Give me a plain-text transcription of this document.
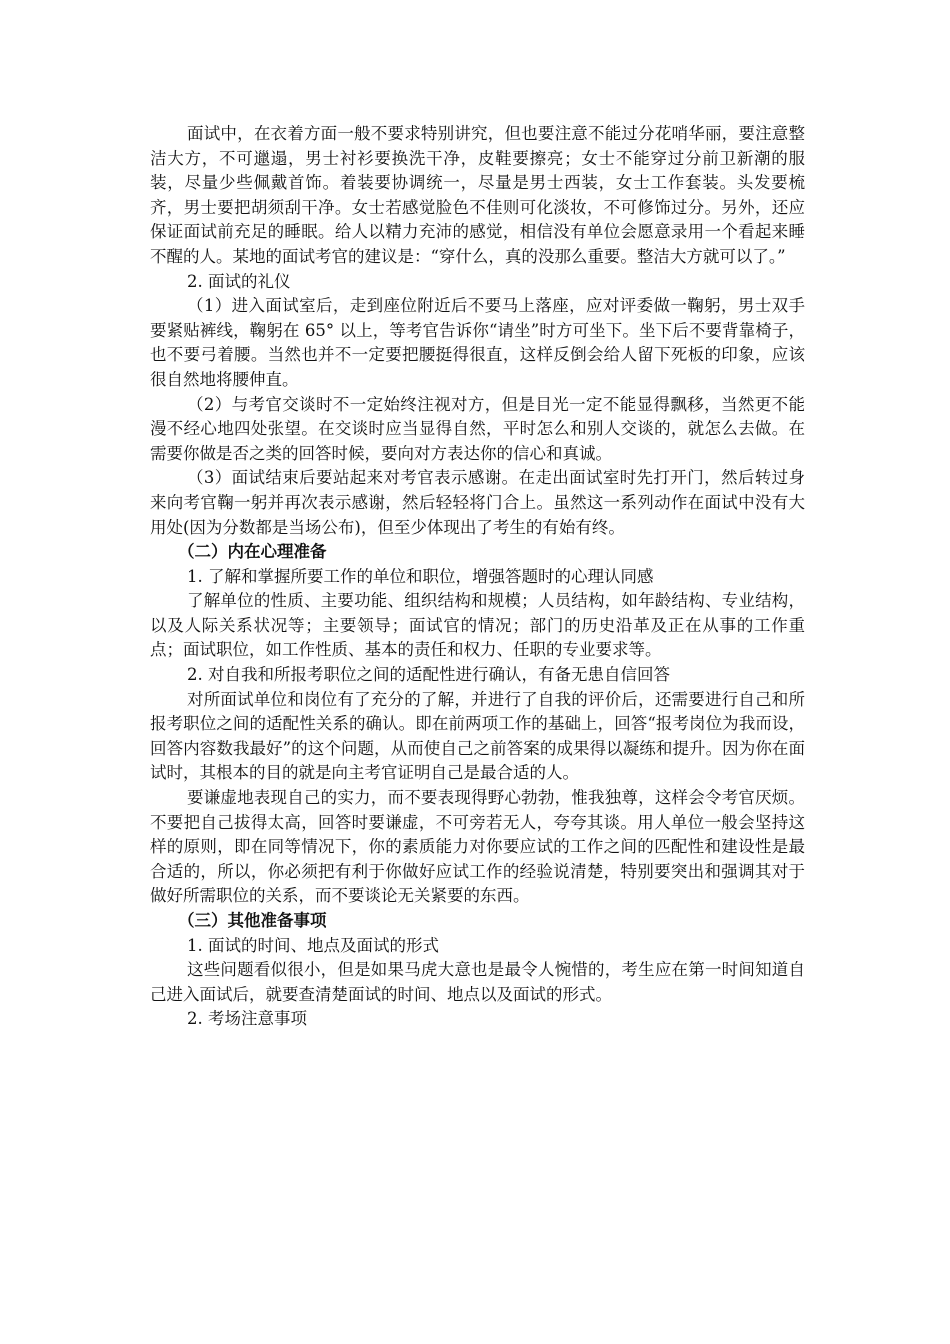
面试中，在衣着方面一般不要求特别讲究，但也要注意不能过分花哨华丽，要注意整洁大方，不可邋遢，男士衬衫要换洗干净，皮鞋要擦亮；女士不能穿过分前卫新潮的服装，尽量少些佩戴首饰。着装要协调统一，尽量是男士西装，女士工作套装。头发要梳齐，男士要把胡须刮干净。女士若感觉脸色不佳则可化淡妆，不可修饰过分。另外，还应保证面试前充足的睡眠。给人以精力充沛的感觉，相信没有单位会愿意录用一个看起来睡不醒的人。某地的面试考官的建议是：“穿什么，真的没那么重要。整洁大方就可以了。”

2. 面试的礼仪

（1）进入面试室后，走到座位附近后不要马上落座，应对评委做一鞠躬，男士双手要紧贴裤线，鞠躬在 65° 以上，等考官告诉你“请坐”时方可坐下。坐下后不要背靠椅子，也不要弓着腰。当然也并不一定要把腰挺得很直，这样反倒会给人留下死板的印象，应该很自然地将腰伸直。

（2）与考官交谈时不一定始终注视对方，但是目光一定不能显得飘移，当然更不能漫不经心地四处张望。在交谈时应当显得自然，平时怎么和别人交谈的，就怎么去做。在需要你做是否之类的回答时候，要向对方表达你的信心和真诚。

（3）面试结束后要站起来对考官表示感谢。在走出面试室时先打开门，然后转过身来向考官鞠一躬并再次表示感谢，然后轻轻将门合上。虽然这一系列动作在面试中没有大用处(因为分数都是当场公布)，但至少体现出了考生的有始有终。

（二）内在心理准备

1. 了解和掌握所要工作的单位和职位，增强答题时的心理认同感

了解单位的性质、主要功能、组织结构和规模；人员结构，如年龄结构、专业结构，以及人际关系状况等；主要领导；面试官的情况；部门的历史沿革及正在从事的工作重点；面试职位，如工作性质、基本的责任和权力、任职的专业要求等。

2. 对自我和所报考职位之间的适配性进行确认，有备无患自信回答

对所面试单位和岗位有了充分的了解，并进行了自我的评价后，还需要进行自己和所报考职位之间的适配性关系的确认。即在前两项工作的基础上，回答“报考岗位为我而设，回答内容数我最好”的这个问题，从而使自己之前答案的成果得以凝练和提升。因为你在面试时，其根本的目的就是向主考官证明自己是最合适的人。

要谦虚地表现自己的实力，而不要表现得野心勃勃，惟我独尊，这样会令考官厌烦。不要把自己拔得太高，回答时要谦虚，不可旁若无人，夸夸其谈。用人单位一般会坚持这样的原则，即在同等情况下，你的素质能力对你要应试的工作之间的匹配性和建设性是最合适的，所以，你必须把有利于你做好应试工作的经验说清楚，特别要突出和强调其对于做好所需职位的关系，而不要谈论无关紧要的东西。

（三）其他准备事项

1. 面试的时间、地点及面试的形式

这些问题看似很小，但是如果马虎大意也是最令人惋惜的，考生应在第一时间知道自己进入面试后，就要查清楚面试的时间、地点以及面试的形式。

2. 考场注意事项
